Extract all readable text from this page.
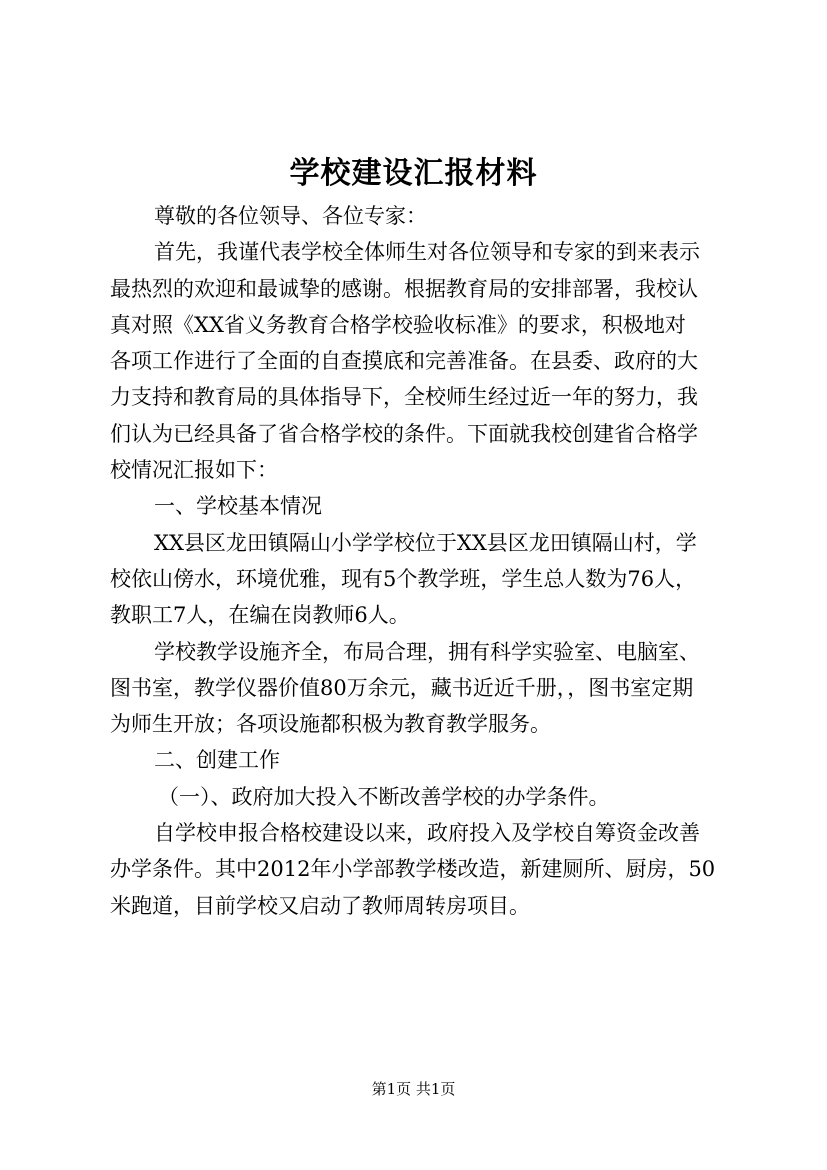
学校建设汇报材料
尊敬的各位领导、各位专家：
首先，我谨代表学校全体师生对各位领导和专家的到来表示
最热烈的欢迎和最诚挚的感谢。根据教育局的安排部署，我校认
真对照《XX省义务教育合格学校验收标准》的要求，积极地对
各项工作进行了全面的自查摸底和完善准备。在县委、政府的大
力支持和教育局的具体指导下，全校师生经过近一年的努力，我
们认为已经具备了省合格学校的条件。下面就我校创建省合格学
校情况汇报如下：
一、学校基本情况
XX县区龙田镇隔山小学学校位于XX县区龙田镇隔山村，学
校依山傍水，环境优雅，现有5个教学班，学生总人数为76人，
教职工7人，在编在岗教师6人。
学校教学设施齐全，布局合理，拥有科学实验室、电脑室、
图书室，教学仪器价值80万余元，藏书近近千册，，图书室定期
为师生开放；各项设施都积极为教育教学服务。
二、创建工作
（一）、政府加大投入不断改善学校的办学条件。
自学校申报合格校建设以来，政府投入及学校自筹资金改善
办学条件。其中2012年小学部教学楼改造，新建厕所、厨房，50
米跑道，目前学校又启动了教师周转房项目。
第1页 共1页
